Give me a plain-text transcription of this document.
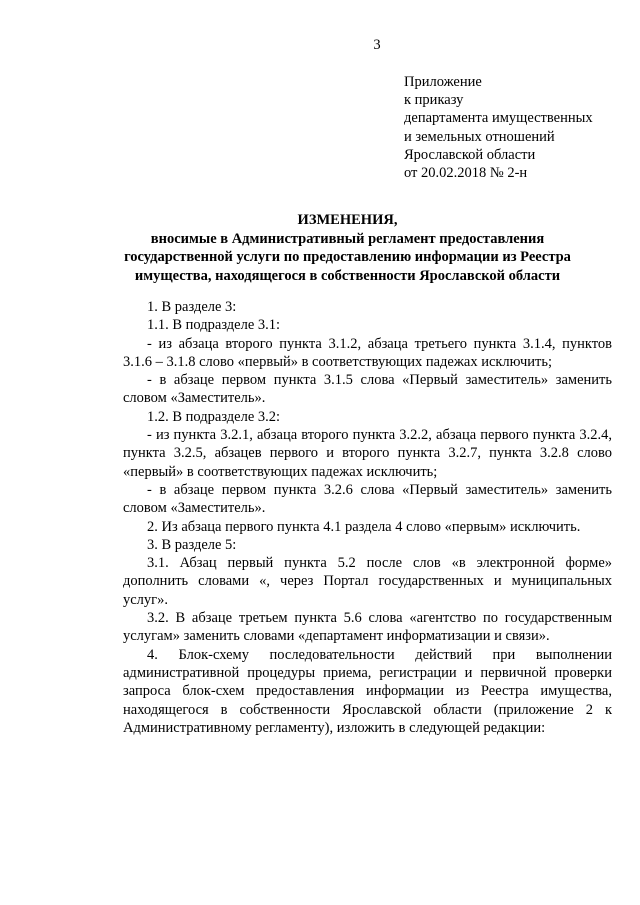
3
Приложение
к приказу
департамента имущественных
и земельных отношений
Ярославской области
от 20.02.2018 № 2-н
ИЗМЕНЕНИЯ,
вносимые в Административный регламент предоставления
государственной услуги по предоставлению информации из Реестра
имущества, находящегося в собственности Ярославской области

1. В разделе 3:

1.1. В подразделе 3.1:

- из абзаца второго пункта 3.1.2, абзаца третьего пункта 3.1.4, пунктов 3.1.6 – 3.1.8 слово «первый» в соответствующих падежах исключить;

- в абзаце первом пункта 3.1.5 слова «Первый заместитель» заменить словом «Заместитель».

1.2. В подразделе 3.2:

- из пункта 3.2.1, абзаца второго пункта 3.2.2, абзаца первого пункта 3.2.4, пункта 3.2.5, абзацев первого и второго пункта 3.2.7, пункта 3.2.8 слово «первый» в соответствующих падежах исключить;

- в абзаце первом пункта 3.2.6 слова «Первый заместитель» заменить словом «Заместитель».

2. Из абзаца первого пункта 4.1 раздела 4 слово «первым» исключить.

3. В разделе 5:

3.1. Абзац первый пункта 5.2 после слов «в электронной форме» дополнить словами «, через Портал государственных и муниципальных услуг».

3.2. В абзаце третьем пункта 5.6 слова «агентство по государственным услугам» заменить словами «департамент информатизации и связи».

4. Блок-схему последовательности действий при выполнении административной процедуры приема, регистрации и первичной проверки запроса блок-схем предоставления информации из Реестра имущества, находящегося в собственности Ярославской области (приложение 2 к Административному регламенту), изложить в следующей редакции:
